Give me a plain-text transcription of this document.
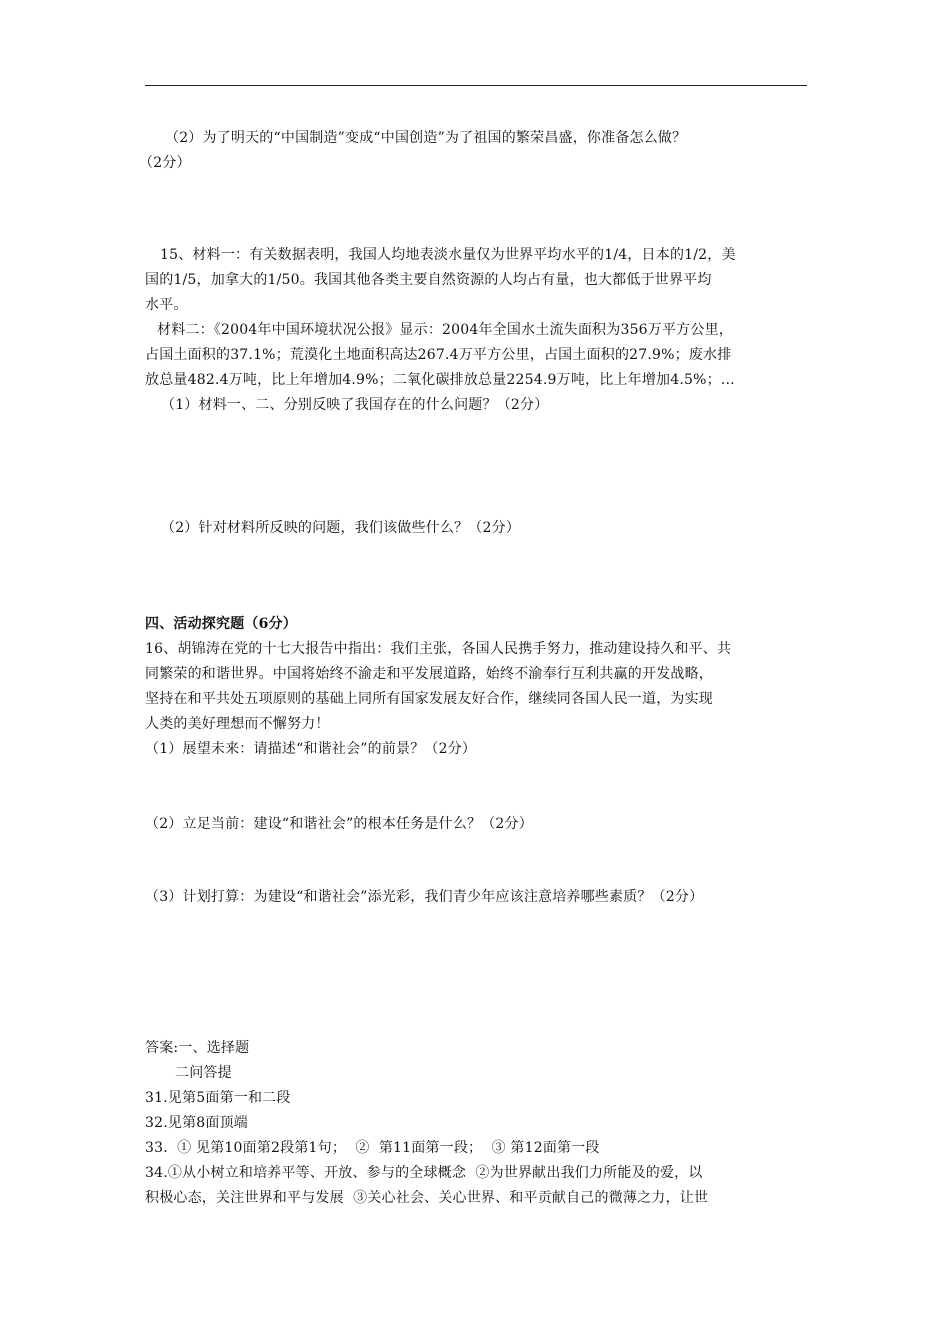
（2）为了明天的“中国制造”变成“中国创造”为了祖国的繁荣昌盛，你准备怎么做？
（2分）
15、材料一：有关数据表明，我国人均地表淡水量仅为世界平均水平的1/4，日本的1/2，美
国的1/5，加拿大的1/50。我国其他各类主要自然资源的人均占有量，也大都低于世界平均
水平。
材料二：《2004年中国环境状况公报》显示：2004年全国水土流失面积为356万平方公里，
占国土面积的37.1%；荒漠化土地面积高达267.4万平方公里，占国土面积的27.9%；废水排
放总量482.4万吨，比上年增加4.9%；二氧化碳排放总量2254.9万吨，比上年增加4.5%；…
（1）材料一、二、分别反映了我国存在的什么问题？（2分）
（2）针对材料所反映的问题，我们该做些什么？（2分）
四、活动探究题（6分）
16、胡锦涛在党的十七大报告中指出：我们主张，各国人民携手努力，推动建设持久和平、共
同繁荣的和谐世界。中国将始终不渝走和平发展道路，始终不渝奉行互利共赢的开发战略，
坚持在和平共处五项原则的基础上同所有国家发展友好合作，继续同各国人民一道，为实现
人类的美好理想而不懈努力！
（1）展望未来：请描述“和谐社会”的前景？（2分）
（2）立足当前：建设“和谐社会”的根本任务是什么？（2分）
（3）计划打算：为建设“和谐社会”添光彩，我们青少年应该注意培养哪些素质？（2分）
答案:一、选择题
二问答提
31.见第5面第一和二段
32.见第8面顶端
33.  ① 见第10面第2段第1句；  ②  第11面第一段；  ③ 第12面第一段
34.①从小树立和培养平等、开放、参与的全球概念  ②为世界献出我们力所能及的爱，以
积极心态，关注世界和平与发展  ③关心社会、关心世界、和平贡献自己的微薄之力，让世
